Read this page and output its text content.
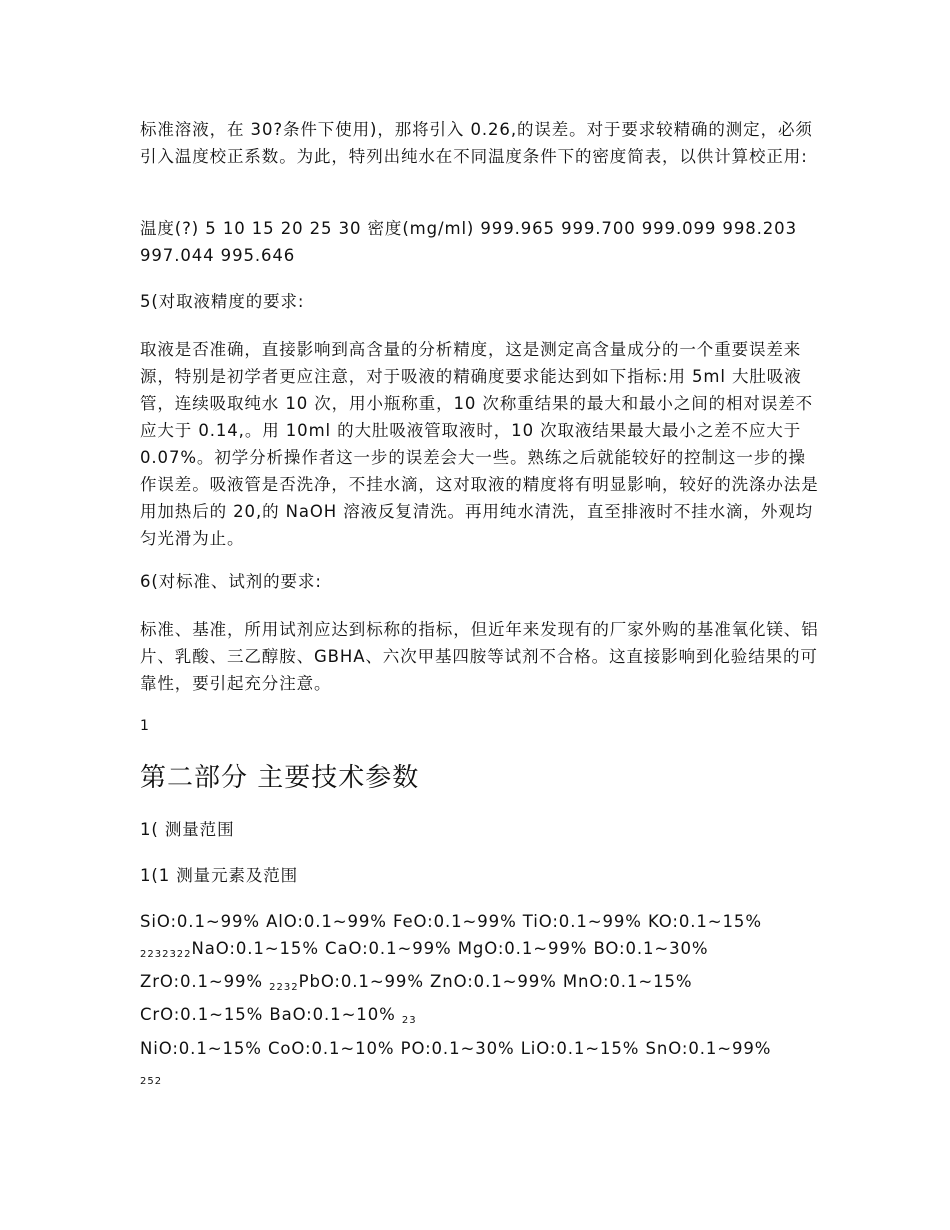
标准溶液，在 30?条件下使用)，那将引入 0.26,的误差。对于要求较精确的测定，必须引入温度校正系数。为此，特列出纯水在不同温度条件下的密度简表，以供计算校正用:

温度(?) 5 10 15 20 25 30 密度(mg/ml) 999.965 999.700 999.099 998.203 997.044 995.646

5(对取液精度的要求:

取液是否准确，直接影响到高含量的分析精度，这是测定高含量成分的一个重要误差来源，特别是初学者更应注意，对于吸液的精确度要求能达到如下指标:用 5ml 大肚吸液管，连续吸取纯水 10 次，用小瓶称重，10 次称重结果的最大和最小之间的相对误差不应大于 0.14,。用 10ml 的大肚吸液管取液时，10 次取液结果最大最小之差不应大于 0.07%。初学分析操作者这一步的误差会大一些。熟练之后就能较好的控制这一步的操作误差。吸液管是否洗净，不挂水滴，这对取液的精度将有明显影响，较好的洗涤办法是用加热后的 20,的 NaOH 溶液反复清洗。再用纯水清洗，直至排液时不挂水滴，外观均匀光滑为止。

6(对标准、试剂的要求:

标准、基准，所用试剂应达到标称的指标，但近年来发现有的厂家外购的基准氧化镁、铝片、乳酸、三乙醇胺、GBHA、六次甲基四胺等试剂不合格。这直接影响到化验结果的可靠性，要引起充分注意。

1

第二部分 主要技术参数

1( 测量范围

1(1 测量元素及范围

SiO:0.1~99% AlO:0.1~99% FeO:0.1~99% TiO:0.1~99% KO:0.1~15%

$_{2232322}$NaO:0.1~15% CaO:0.1~99% MgO:0.1~99% BO:0.1~30%

ZrO:0.1~99% $_{2232}$PbO:0.1~99% ZnO:0.1~99% MnO:0.1~15%

CrO:0.1~15% BaO:0.1~10% $_{23}$

NiO:0.1~15% CoO:0.1~10% PO:0.1~30% LiO:0.1~15% SnO:0.1~99%

$_{252}$
